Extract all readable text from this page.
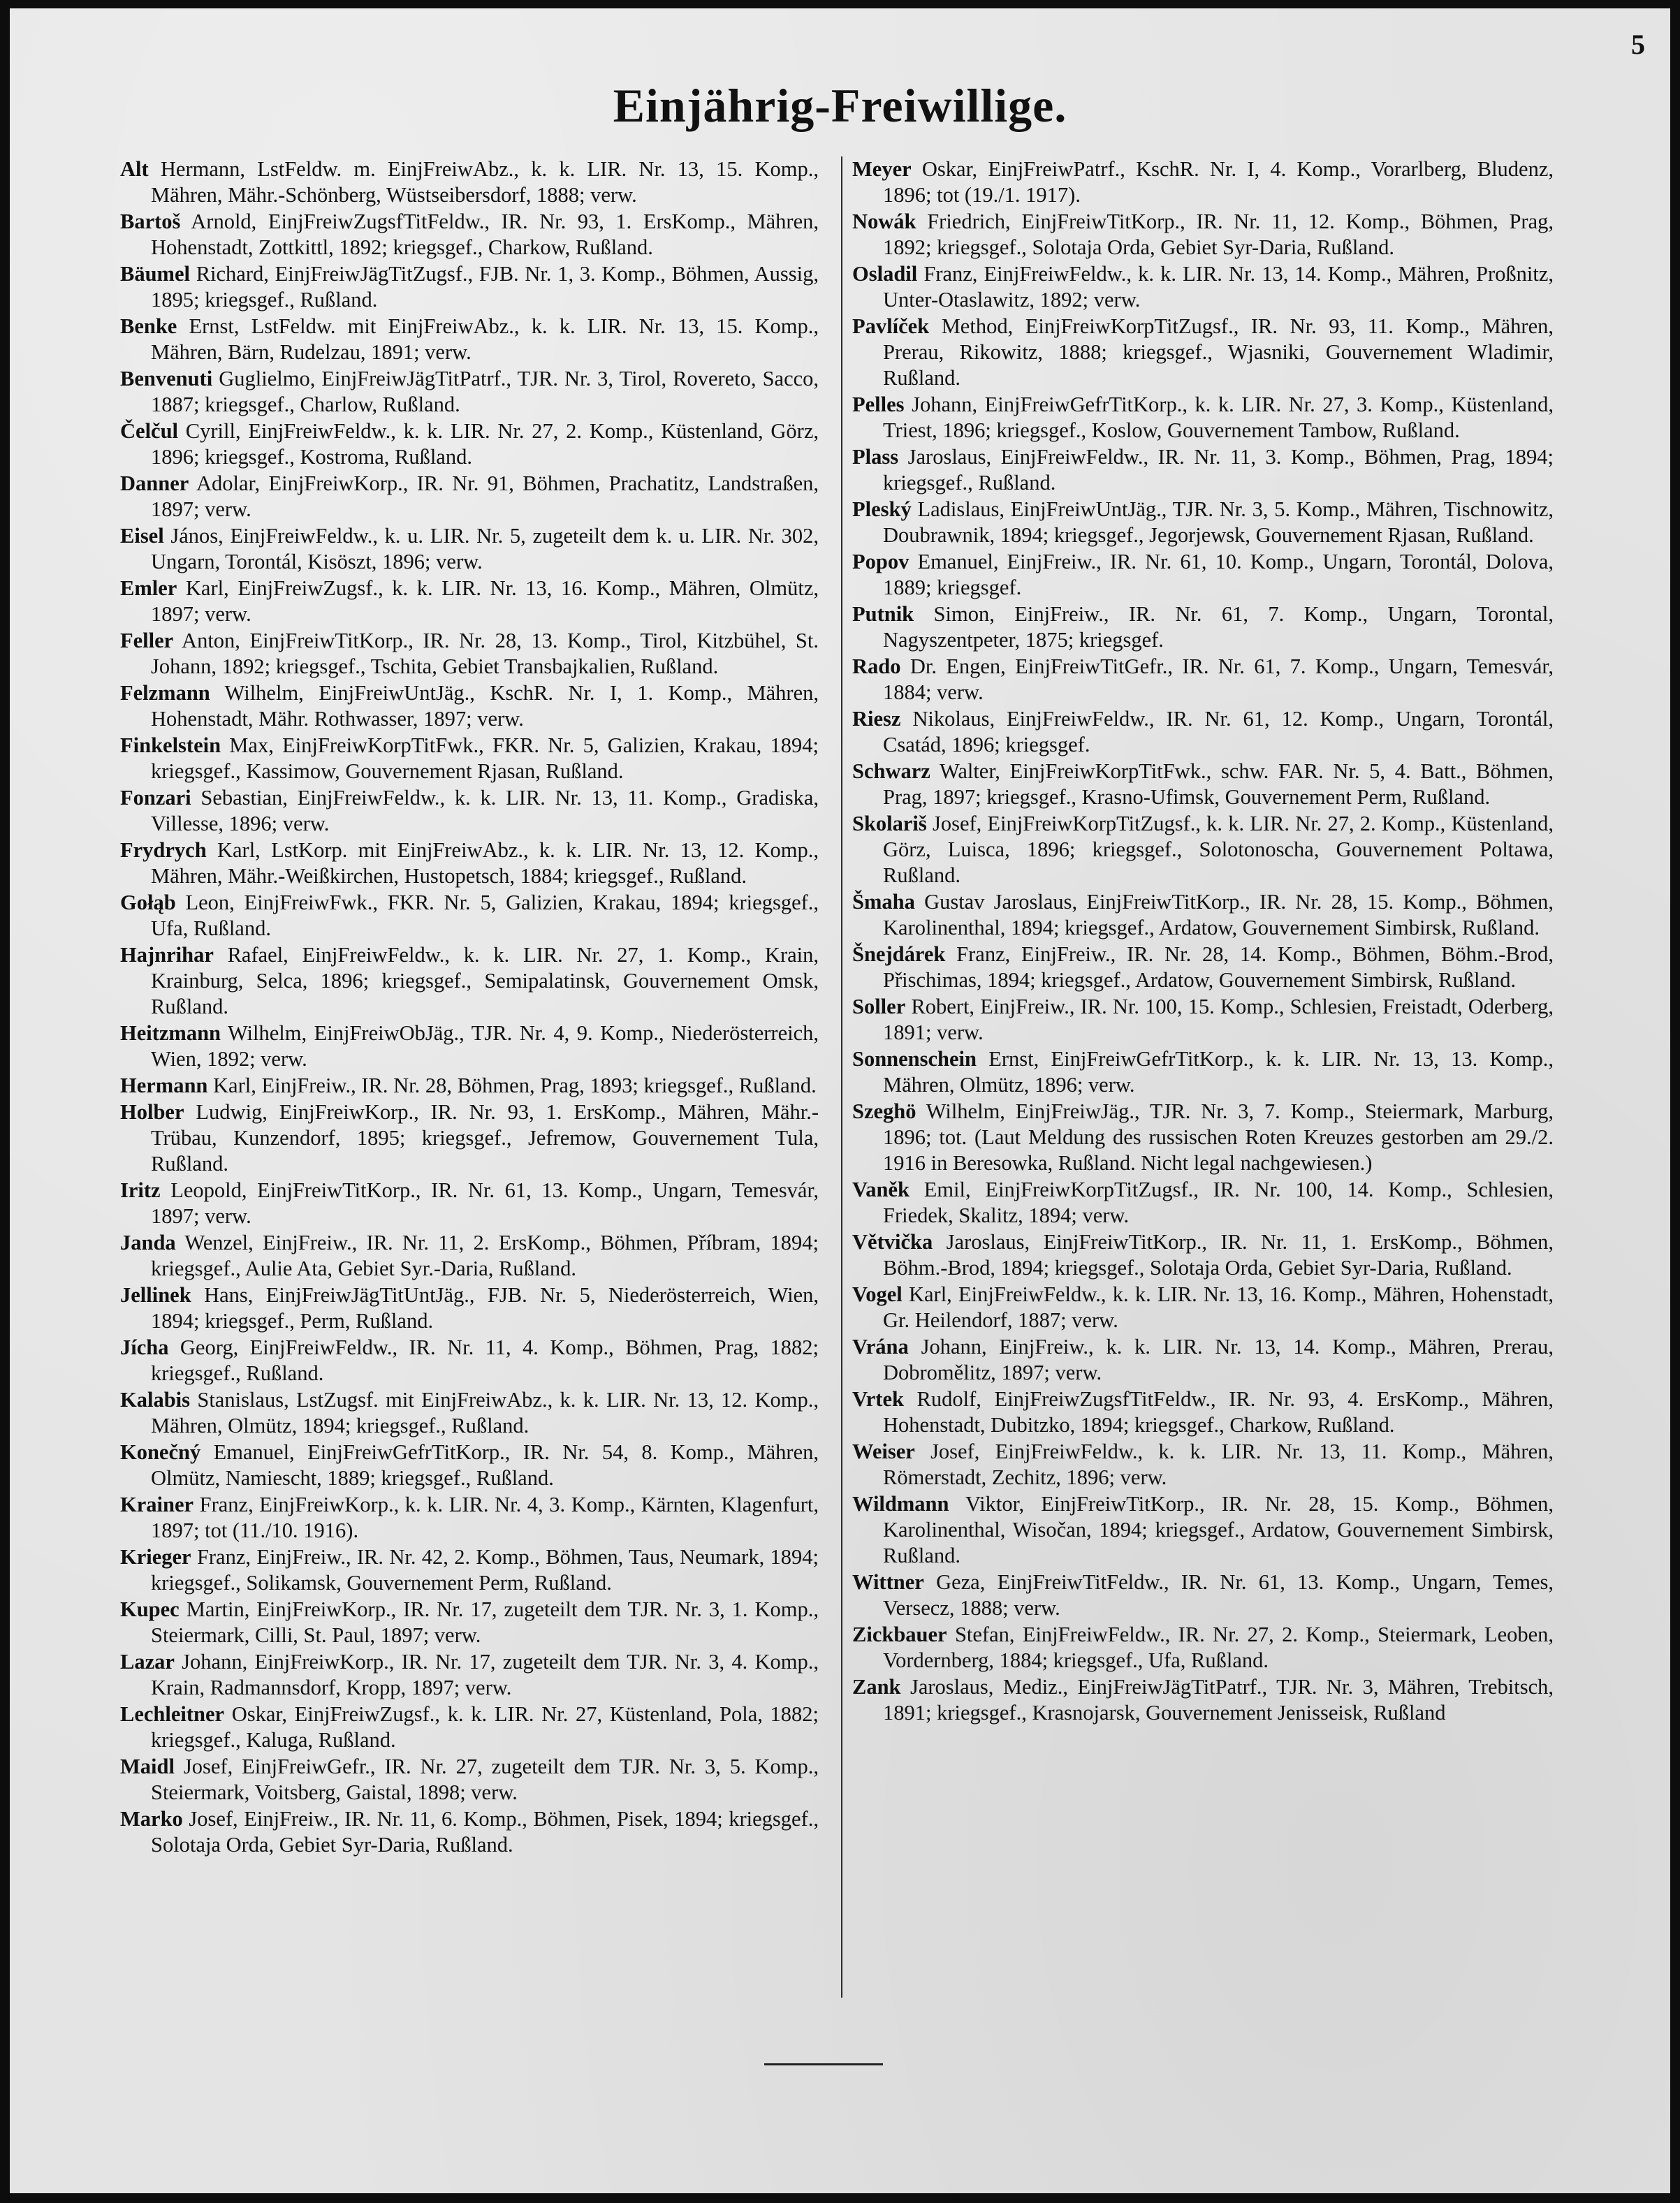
5
Einjährig-Freiwillige.

Alt Hermann, LstFeldw. m. EinjFreiwAbz., k. k. LIR. Nr. 13, 15. Komp., Mähren, Mähr.-Schönberg, Wüstseibersdorf, 1888; verw.

Bartoš Arnold, EinjFreiwZugsfTitFeldw., IR. Nr. 93, 1. ErsKomp., Mähren, Hohenstadt, Zottkittl, 1892; kriegsgef., Charkow, Rußland.

Bäumel Richard, EinjFreiwJägTitZugsf., FJB. Nr. 1, 3. Komp., Böhmen, Aussig, 1895; kriegsgef., Rußland.

Benke Ernst, LstFeldw. mit EinjFreiwAbz., k. k. LIR. Nr. 13, 15. Komp., Mähren, Bärn, Rudelzau, 1891; verw.

Benvenuti Guglielmo, EinjFreiwJägTitPatrf., TJR. Nr. 3, Tirol, Rovereto, Sacco, 1887; kriegsgef., Charlow, Rußland.

Čelčul Cyrill, EinjFreiwFeldw., k. k. LIR. Nr. 27, 2. Komp., Küstenland, Görz, 1896; kriegsgef., Kostroma, Rußland.

Danner Adolar, EinjFreiwKorp., IR. Nr. 91, Böhmen, Prachatitz, Landstraßen, 1897; verw.

Eisel János, EinjFreiwFeldw., k. u. LIR. Nr. 5, zugeteilt dem k. u. LIR. Nr. 302, Ungarn, Torontál, Kisöszt, 1896; verw.

Emler Karl, EinjFreiwZugsf., k. k. LIR. Nr. 13, 16. Komp., Mähren, Olmütz, 1897; verw.

Feller Anton, EinjFreiwTitKorp., IR. Nr. 28, 13. Komp., Tirol, Kitzbühel, St. Johann, 1892; kriegsgef., Tschita, Gebiet Transbajkalien, Rußland.

Felzmann Wilhelm, EinjFreiwUntJäg., KschR. Nr. I, 1. Komp., Mähren, Hohenstadt, Mähr. Rothwasser, 1897; verw.

Finkelstein Max, EinjFreiwKorpTitFwk., FKR. Nr. 5, Galizien, Krakau, 1894; kriegsgef., Kassimow, Gouvernement Rjasan, Rußland.

Fonzari Sebastian, EinjFreiwFeldw., k. k. LIR. Nr. 13, 11. Komp., Gradiska, Villesse, 1896; verw.

Frydrych Karl, LstKorp. mit EinjFreiwAbz., k. k. LIR. Nr. 13, 12. Komp., Mähren, Mähr.-Weißkirchen, Hustopetsch, 1884; kriegsgef., Rußland.

Gołąb Leon, EinjFreiwFwk., FKR. Nr. 5, Galizien, Krakau, 1894; kriegsgef., Ufa, Rußland.

Hajnrihar Rafael, EinjFreiwFeldw., k. k. LIR. Nr. 27, 1. Komp., Krain, Krainburg, Selca, 1896; kriegsgef., Semipalatinsk, Gouvernement Omsk, Rußland.

Heitzmann Wilhelm, EinjFreiwObJäg., TJR. Nr. 4, 9. Komp., Niederösterreich, Wien, 1892; verw.

Hermann Karl, EinjFreiw., IR. Nr. 28, Böhmen, Prag, 1893; kriegsgef., Rußland.

Holber Ludwig, EinjFreiwKorp., IR. Nr. 93, 1. ErsKomp., Mähren, Mähr.-Trübau, Kunzendorf, 1895; kriegsgef., Jefremow, Gouvernement Tula, Rußland.

Iritz Leopold, EinjFreiwTitKorp., IR. Nr. 61, 13. Komp., Ungarn, Temesvár, 1897; verw.

Janda Wenzel, EinjFreiw., IR. Nr. 11, 2. ErsKomp., Böhmen, Příbram, 1894; kriegsgef., Aulie Ata, Gebiet Syr.-Daria, Rußland.

Jellinek Hans, EinjFreiwJägTitUntJäg., FJB. Nr. 5, Niederösterreich, Wien, 1894; kriegsgef., Perm, Rußland.

Jícha Georg, EinjFreiwFeldw., IR. Nr. 11, 4. Komp., Böhmen, Prag, 1882; kriegsgef., Rußland.

Kalabis Stanislaus, LstZugsf. mit EinjFreiwAbz., k. k. LIR. Nr. 13, 12. Komp., Mähren, Olmütz, 1894; kriegsgef., Rußland.

Konečný Emanuel, EinjFreiwGefrTitKorp., IR. Nr. 54, 8. Komp., Mähren, Olmütz, Namiescht, 1889; kriegsgef., Rußland.

Krainer Franz, EinjFreiwKorp., k. k. LIR. Nr. 4, 3. Komp., Kärnten, Klagenfurt, 1897; tot (11./10. 1916).

Krieger Franz, EinjFreiw., IR. Nr. 42, 2. Komp., Böhmen, Taus, Neumark, 1894; kriegsgef., Solikamsk, Gouvernement Perm, Rußland.

Kupec Martin, EinjFreiwKorp., IR. Nr. 17, zugeteilt dem TJR. Nr. 3, 1. Komp., Steiermark, Cilli, St. Paul, 1897; verw.

Lazar Johann, EinjFreiwKorp., IR. Nr. 17, zugeteilt dem TJR. Nr. 3, 4. Komp., Krain, Radmannsdorf, Kropp, 1897; verw.

Lechleitner Oskar, EinjFreiwZugsf., k. k. LIR. Nr. 27, Küstenland, Pola, 1882; kriegsgef., Kaluga, Rußland.

Maidl Josef, EinjFreiwGefr., IR. Nr. 27, zugeteilt dem TJR. Nr. 3, 5. Komp., Steiermark, Voitsberg, Gaistal, 1898; verw.

Marko Josef, EinjFreiw., IR. Nr. 11, 6. Komp., Böhmen, Pisek, 1894; kriegsgef., Solotaja Orda, Gebiet Syr-Daria, Rußland.

Meyer Oskar, EinjFreiwPatrf., KschR. Nr. I, 4. Komp., Vorarlberg, Bludenz, 1896; tot (19./1. 1917).

Nowák Friedrich, EinjFreiwTitKorp., IR. Nr. 11, 12. Komp., Böhmen, Prag, 1892; kriegsgef., Solotaja Orda, Gebiet Syr-Daria, Rußland.

Osladil Franz, EinjFreiwFeldw., k. k. LIR. Nr. 13, 14. Komp., Mähren, Proßnitz, Unter-Otaslawitz, 1892; verw.

Pavlíček Method, EinjFreiwKorpTitZugsf., IR. Nr. 93, 11. Komp., Mähren, Prerau, Rikowitz, 1888; kriegsgef., Wjasniki, Gouvernement Wladimir, Rußland.

Pelles Johann, EinjFreiwGefrTitKorp., k. k. LIR. Nr. 27, 3. Komp., Küstenland, Triest, 1896; kriegsgef., Koslow, Gouvernement Tambow, Rußland.

Plass Jaroslaus, EinjFreiwFeldw., IR. Nr. 11, 3. Komp., Böhmen, Prag, 1894; kriegsgef., Rußland.

Pleský Ladislaus, EinjFreiwUntJäg., TJR. Nr. 3, 5. Komp., Mähren, Tischnowitz, Doubrawnik, 1894; kriegsgef., Jegorjewsk, Gouvernement Rjasan, Rußland.

Popov Emanuel, EinjFreiw., IR. Nr. 61, 10. Komp., Ungarn, Torontál, Dolova, 1889; kriegsgef.

Putnik Simon, EinjFreiw., IR. Nr. 61, 7. Komp., Ungarn, Torontal, Nagyszentpeter, 1875; kriegsgef.

Rado Dr. Engen, EinjFreiwTitGefr., IR. Nr. 61, 7. Komp., Ungarn, Temesvár, 1884; verw.

Riesz Nikolaus, EinjFreiwFeldw., IR. Nr. 61, 12. Komp., Ungarn, Torontál, Csatád, 1896; kriegsgef.

Schwarz Walter, EinjFreiwKorpTitFwk., schw. FAR. Nr. 5, 4. Batt., Böhmen, Prag, 1897; kriegsgef., Krasno-Ufimsk, Gouvernement Perm, Rußland.

Skolariš Josef, EinjFreiwKorpTitZugsf., k. k. LIR. Nr. 27, 2. Komp., Küstenland, Görz, Luisca, 1896; kriegsgef., Solotonoscha, Gouvernement Poltawa, Rußland.

Šmaha Gustav Jaroslaus, EinjFreiwTitKorp., IR. Nr. 28, 15. Komp., Böhmen, Karolinenthal, 1894; kriegsgef., Ardatow, Gouvernement Simbirsk, Rußland.

Šnejdárek Franz, EinjFreiw., IR. Nr. 28, 14. Komp., Böhmen, Böhm.-Brod, Přischimas, 1894; kriegsgef., Ardatow, Gouvernement Simbirsk, Rußland.

Soller Robert, EinjFreiw., IR. Nr. 100, 15. Komp., Schlesien, Freistadt, Oderberg, 1891; verw.

Sonnenschein Ernst, EinjFreiwGefrTitKorp., k. k. LIR. Nr. 13, 13. Komp., Mähren, Olmütz, 1896; verw.

Szeghö Wilhelm, EinjFreiwJäg., TJR. Nr. 3, 7. Komp., Steiermark, Marburg, 1896; tot. (Laut Meldung des russischen Roten Kreuzes gestorben am 29./2. 1916 in Beresowka, Rußland. Nicht legal nachgewiesen.)

Vaněk Emil, EinjFreiwKorpTitZugsf., IR. Nr. 100, 14. Komp., Schlesien, Friedek, Skalitz, 1894; verw.

Větvička Jaroslaus, EinjFreiwTitKorp., IR. Nr. 11, 1. ErsKomp., Böhmen, Böhm.-Brod, 1894; kriegsgef., Solotaja Orda, Gebiet Syr-Daria, Rußland.

Vogel Karl, EinjFreiwFeldw., k. k. LIR. Nr. 13, 16. Komp., Mähren, Hohenstadt, Gr. Heilendorf, 1887; verw.

Vrána Johann, EinjFreiw., k. k. LIR. Nr. 13, 14. Komp., Mähren, Prerau, Dobromělitz, 1897; verw.

Vrtek Rudolf, EinjFreiwZugsfTitFeldw., IR. Nr. 93, 4. ErsKomp., Mähren, Hohenstadt, Dubitzko, 1894; kriegsgef., Charkow, Rußland.

Weiser Josef, EinjFreiwFeldw., k. k. LIR. Nr. 13, 11. Komp., Mähren, Römerstadt, Zechitz, 1896; verw.

Wildmann Viktor, EinjFreiwTitKorp., IR. Nr. 28, 15. Komp., Böhmen, Karolinenthal, Wisočan, 1894; kriegsgef., Ardatow, Gouvernement Simbirsk, Rußland.

Wittner Geza, EinjFreiwTitFeldw., IR. Nr. 61, 13. Komp., Ungarn, Temes, Versecz, 1888; verw.

Zickbauer Stefan, EinjFreiwFeldw., IR. Nr. 27, 2. Komp., Steiermark, Leoben, Vordernberg, 1884; kriegsgef., Ufa, Rußland.

Zank Jaroslaus, Mediz., EinjFreiwJägTitPatrf., TJR. Nr. 3, Mähren, Trebitsch, 1891; kriegsgef., Krasnojarsk, Gouvernement Jenisseisk, Rußland
